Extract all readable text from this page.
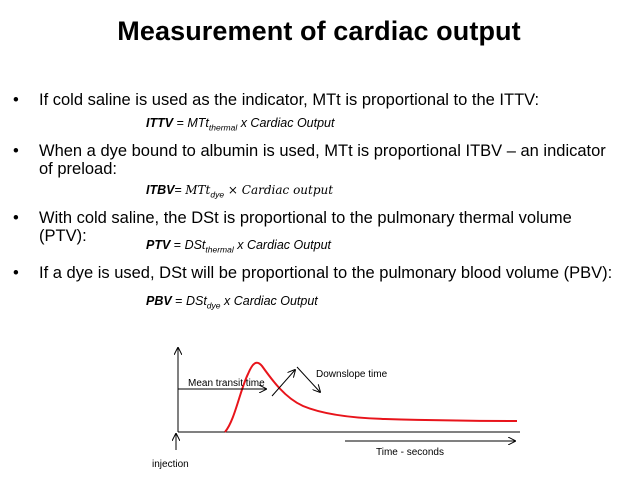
Measurement of cardiac output
• If cold saline is used as the indicator, MTt is proportional to the ITTV:
ITTV = MTt$_{thermal}$ x Cardiac Output
• When a dye bound to albumin is used, MTt is proportional ITBV – an indicator of preload:
ITBV= MTt$_{dye}$ × Cardiac output
• With cold saline, the DSt is proportional to the pulmonary thermal volume (PTV):	PTV = DSt$_{thermal}$ x Cardiac Output
• If a dye is used, DSt will be proportional to the pulmonary blood volume (PBV):
PBV = DSt$_{dye}$ x Cardiac Output
Mean transit time
Downslope time
Time - seconds
injection
